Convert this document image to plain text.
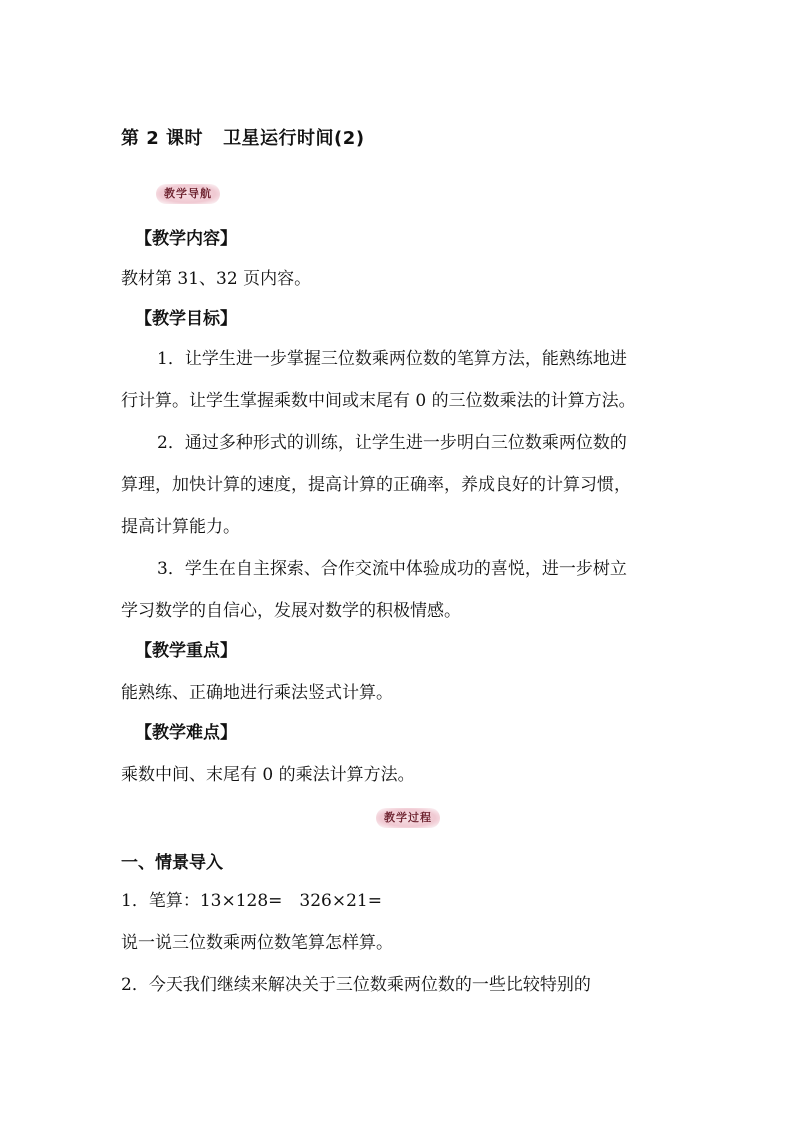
第 2 课时 卫星运行时间(2)
教学导航
【教学内容】
教材第 31、32 页内容。
【教学目标】
1．让学生进一步掌握三位数乘两位数的笔算方法，能熟练地进
行计算。让学生掌握乘数中间或末尾有 0 的三位数乘法的计算方法。
2．通过多种形式的训练，让学生进一步明白三位数乘两位数的
算理，加快计算的速度，提高计算的正确率，养成良好的计算习惯，
提高计算能力。
3．学生在自主探索、合作交流中体验成功的喜悦，进一步树立
学习数学的自信心，发展对数学的积极情感。
【教学重点】
能熟练、正确地进行乘法竖式计算。
【教学难点】
乘数中间、末尾有 0 的乘法计算方法。
教学过程
一、情景导入
1．笔算：13×128=　326×21=
说一说三位数乘两位数笔算怎样算。
2．今天我们继续来解决关于三位数乘两位数的一些比较特别的
